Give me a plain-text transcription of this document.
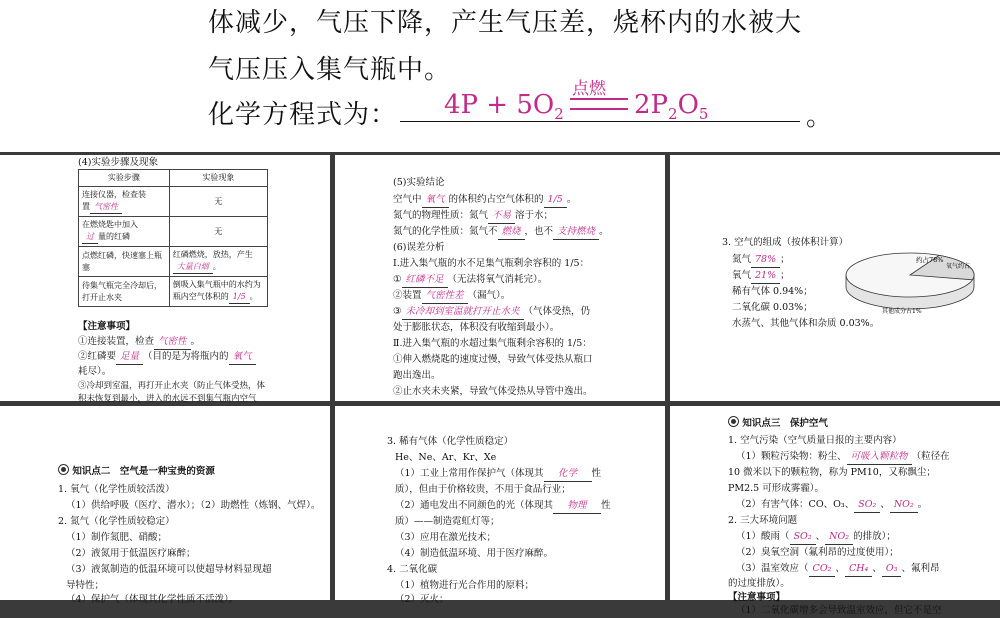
体减少，气压下降，产生气压差，烧杯内的水被大
气压压入集气瓶中。
化学方程式为： $4P + 5O_2$
点燃
$2P_2O_5$	。
(4)实验步骤及现象
实验步骤	实验现象
连接仪器，检查装
置 气密性	无
在燃烧匙中加入
过 量的红磷	无
点燃红磷，快速塞上瓶塞	红磷燃烧，放热，产生大量白烟 。
待集气瓶完全冷却后，打开止水夹	倒吸入集气瓶中的水约为瓶内空气体积的 1/5 。
【注意事项】
①连接装置，检查 气密性 。
②红磷要 足量 （目的是为将瓶内的 氧气
耗尽）。
③冷却到室温，再打开止水夹（防止气体受热，体
积未恢复到最小，进入的水远不到集气瓶内空气
(5)实验结论
空气中 氧气 的体积约占空气体积的 1/5 。
氮气的物理性质：氮气 不易 溶于水；
氮气的化学性质：氮气不 燃烧 ，也不 支持燃烧 。
(6)误差分析
Ⅰ.进入集气瓶的水不足集气瓶剩余容积的 1/5：
① 红磷不足 （无法将氧气消耗完）。
②装置 气密性差 （漏气）。
③ 未冷却到室温就打开止水夹 （气体受热，仍
处于膨胀状态，体积没有收缩到最小）。
Ⅱ.进入集气瓶的水超过集气瓶剩余容积的 1/5：
①伸入燃烧匙的速度过慢，导致气体受热从瓶口
跑出逸出。
②止水夹未夹紧，导致气体受热从导管中逸出。
3. 空气的组成（按体积计算）
氮气 78% ；
氧气 21% ；
稀有气体 0.94%；
二氧化碳 0.03%；
水蒸气、其他气体和杂质 0.03%。
约占78%
氧气约占
其他成分占1%
知识点二　空气是一种宝贵的资源
1. 氧气（化学性质较活泼）
（1）供给呼吸（医疗、潜水）；（2）助燃性（炼钢、气焊）。
2. 氮气（化学性质较稳定）
（1）制作氮肥、硝酸；
（2）液氮用于低温医疗麻醉；
（3）液氮制造的低温环境可以使超导材料显现超
导特性；
（4）保护气（体现其化学性质不活泼）。
3. 稀有气体（化学性质稳定）
He、Ne、Ar、Kr、Xe
（1）工业上常用作保护气（体现其 化学 性
质），但由于价格较贵，不用于食品行业；
（2）通电发出不同颜色的光（体现其 物理 性
质）——制造霓虹灯等；
（3）应用在激光技术；
（4）制造低温环境、用于医疗麻醉。
4. 二氧化碳
（1）植物进行光合作用的原料；
（2）灭火；
知识点三　保护空气
1. 空气污染（空气质量日报的主要内容）
（1）颗粒污染物：粉尘、 可吸入颗粒物 （粒径在
10 微米以下的颗粒物，称为 PM10，又称飘尘；
PM2.5 可形成雾霾）。
（2）有害气体：CO、O₃、 SO₂ 、 NO₂ 。
2. 三大环境问题
（1）酸雨（ SO₂ 、 NO₂ 的排放）；
（2）臭氧空洞（氟利昂的过度使用）；
（3）温室效应（ CO₂ 、 CH₄ 、 O₃ 、氟利昂
的过度排放）。
【注意事项】
（1）二氧化碳增多会导致温室效应，但它不是空
